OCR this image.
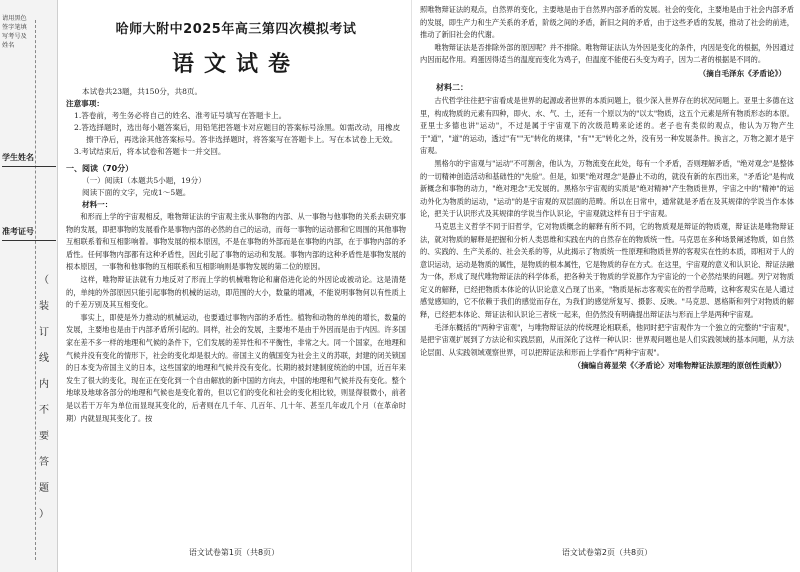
请用黑色签字笔填写考号及姓名
学生姓名
准考证号
（
装
订
线
内
不
要
答
题
）
哈师大附中2025年高三第四次模拟考试
语文试卷
本试卷共23题，共150分，共8页。
注意事项：
1.答卷前，考生务必将自己的姓名、准考证号填写在答题卡上。
2.答选择题时，选出每小题答案后，用铅笔把答题卡对应题目的答案标号涂黑。如需改动，用橡皮擦干净后，再选涂其他答案标号。答非选择题时，将答案写在答题卡上。写在本试卷上无效。
3.考试结束后，将本试卷和答题卡一并交回。
一、阅读（70分）
（一）阅读Ⅰ（本题共5小题，19分）
阅读下面的文字，完成1～5题。
材料一：
和形而上学的宇宙观相反，唯物辩证法的宇宙观主张从事物的内部、从一事物与他事物的关系去研究事物的发展，即把事物的发展看作是事物内部的必然的自己的运动，而每一事物的运动都和它周围的其他事物互相联系着和互相影响着。事物发展的根本原因，不是在事物的外部而是在事物的内部，在于事物内部的矛盾性。任何事物内部都有这种矛盾性，因此引起了事物的运动和发展。事物内部的这种矛盾性是事物发展的根本原因，一事物和他事物的互相联系和互相影响则是事物发展的第二位的原因。
这样，唯物辩证法就有力地反对了形而上学的机械唯物论和庸俗进化论的外因论或被动论。这是清楚的，单纯的外部原因只能引起事物的机械的运动，即范围的大小，数量的增减，不能说明事物何以有性质上的千差万别及其互相变化。
事实上，即使是外力推动的机械运动，也要通过事物内部的矛盾性。植物和动物的单纯的增长，数量的发展，主要地也是由于内部矛盾所引起的。同样，社会的发展，主要地不是由于外因而是由于内因。许多国家在差不多一样的地理和气候的条件下，它们发展的差异性和不平衡性，非常之大。同一个国家，在地理和气候并没有变化的情形下，社会的变化却是很大的。帝国主义的俄国变为社会主义的苏联，封建的闭关锁国的日本变为帝国主义的日本，这些国家的地理和气候并没有变化。长期的被封建制度统治的中国，近百年来发生了很大的变化，现在正在变化到一个自由解放的新中国的方向去，中国的地理和气候并没有变化。整个地球及地球各部分的地理和气候也是变化着的，但以它们的变化和社会的变化相比较，则显得很微小，前者是以若干万年为单位而显现其变化的，后者则在几千年、几百年、几十年、甚至几年或几个月（在革命时期）内就显现其变化了。按
语文试卷第1页（共8页）
照唯物辩证法的观点，自然界的变化，主要地是由于自然界内部矛盾的发展。社会的变化，主要地是由于社会内部矛盾的发展，即生产力和生产关系的矛盾，阶级之间的矛盾，新旧之间的矛盾，由于这些矛盾的发展，推动了社会的前进，推动了新旧社会的代谢。
唯物辩证法是否排除外部的原因呢？并不排除。唯物辩证法认为外因是变化的条件，内因是变化的根据，外因通过内因而起作用。鸡蛋因得适当的温度而变化为鸡子，但温度不能使石头变为鸡子，因为二者的根据是不同的。
（摘自毛泽东《矛盾论》）
材料二：
古代哲学往往把宇宙看成是世界的起源或者世界的本质问题上，很少深入世界存在的状况问题上。亚里士多德在这里，构成物质的元素有四种，即火、水、气、土，还有一个原以为的"以太"物质，这五个元素是所有物质形态的本原。亚里士多德也讲"运动"，不过是属于宇宙观下的次级范畴来论述的。老子也有类似的观点，他认为万物产生于"道"，"道"的运动，透过"有""无"转化的规律，"有""无"转化之外，没有另一种发展条件。换言之，万物之源才是宇宙观。
黑格尔的宇宙观与"运动"不可割舍，他认为，万物流变在此处，每有一个矛盾，否则理解矛盾，"绝对观念"是整体的一切精神创造活动和基础性的"先验"。但是，如果"绝对理念"是静止不动的，就没有新的东西出来，"矛盾论"是构成新概念和事物的动力，"绝对理念"无发展的。黑格尔宇宙观的实质是"绝对精神"产生物质世界，宇宙之中的"精神"的运动外化为物质的运动，"运动"的是宇宙观的双层面的范畴。所以在日常中，通常就是矛盾在及其规律的学说当作本体论，把关于认识形式及其规律的学说当作认识论，宇宙观就这样有日于宇宙观。
马克思主义哲学不同于旧哲学，它对物质概念的解释有所不同，它的物质观是辩证的物质观，辩证法是唯物辩证法，就对物质的解释是把握和分析人类思维和实践在内的自然存在的物质统一性。马克思在多种场景阐述物质，如自然的、实践的、生产关系的、社会关系的等，从此揭示了物质统一性原理和物质世界的客观实在性的本质，即相对于人的意识运动，运动是物质的属性，是物质的根本属性，它是物质的存在方式。在这里，宇宙观的意义和认识论、辩证法融为一体，形成了现代唯物辩证法的科学体系，把各种关于物质的学说都作为宇宙论的一个必然结果的问题。列宁对物质定义的解释，已经把物质本体论的认识论意义凸现了出来，"物质是标志客观实在的哲学范畴，这种客观实在是人通过感觉感知的，它不依赖于我们的感觉而存在，为我们的感觉所复写、摄影、反映。"马克思、恩格斯和列宁对物质的解释，已经把本体论、辩证法和认识论三者统一起来，但仍然没有明确提出辩证法与形而上学是两种宇宙观。
毛泽东概括的"两种宇宙观"，与唯物辩证法的传统理论相联系，他同时把宇宙观作为一个独立的完整的"宇宙观"，是把宇宙观扩展到了方法论和实践层面，从而深化了这样一种认识：世界观问题也是人们实践领域的基本问题，从方法论层面、从实践领域观察世界，可以把辩证法和形而上学看作"两种宇宙观"。
（摘编自蒋显荣《〈矛盾论〉对唯物辩证法原理的原创性贡献》）
语文试卷第2页（共8页）
